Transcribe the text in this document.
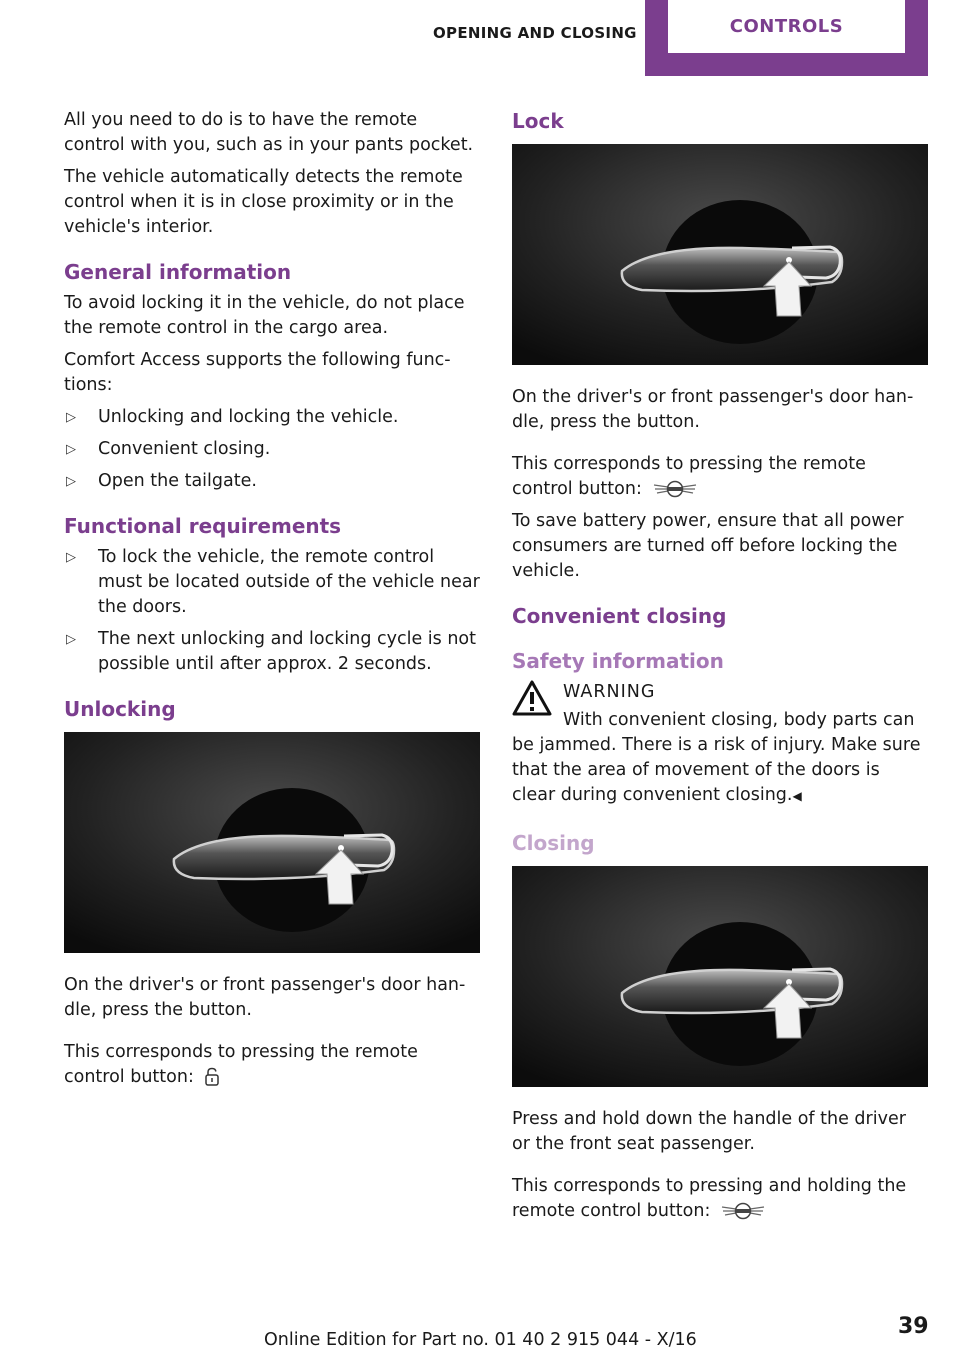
OPENING AND CLOSING	CONTROLS

All you need to do is to have the remote control with you, such as in your pants pocket.

The vehicle automatically detects the remote control when it is in close proximity or in the vehicle's interior.

General information

To avoid locking it in the vehicle, do not place the remote control in the cargo area.

Comfort Access supports the following functions:

▷ Unlocking and locking the vehicle.
▷ Convenient closing.
▷ Open the tailgate.
Functional requirements
▷ To lock the vehicle, the remote control must be located outside of the vehicle near the doors.
▷ The next unlocking and locking cycle is not possible until after approx. 2 seconds.
Unlocking

On the driver's or front passenger's door handle, press the button.

This corresponds to pressing the remote control button:

Lock

On the driver's or front passenger's door handle, press the button.

This corresponds to pressing the remote control button:

To save battery power, ensure that all power consumers are turned off before locking the vehicle.

Convenient closing
Safety information
WARNING

With convenient closing, body parts can be jammed. There is a risk of injury. Make sure that the area of movement of the doors is clear during convenient closing.◀

Closing

Press and hold down the handle of the driver or the front seat passenger.

This corresponds to pressing and holding the remote control button:

Online Edition for Part no. 01 40 2 915 044 - X/16
39
